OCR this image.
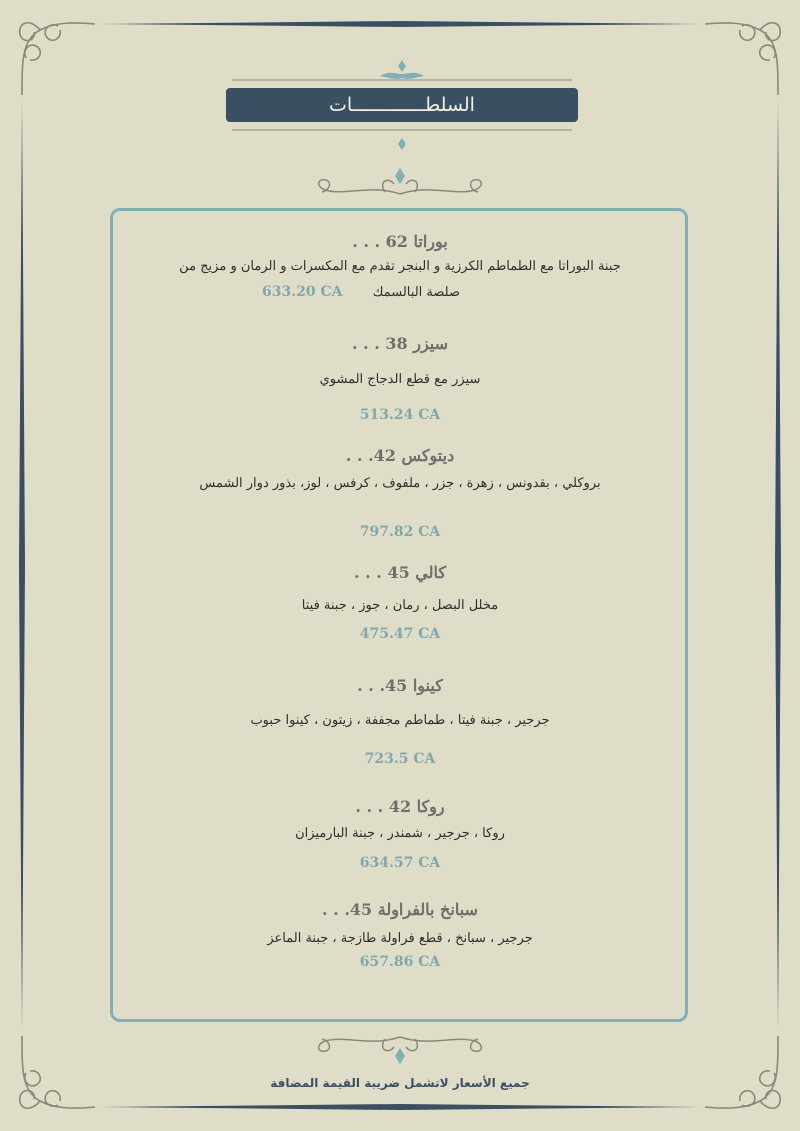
السلطـــــــــــــات
بوراتا 62 . . .
جبنة البوراتا مع الطماطم الكرزية و البنجر تقدم مع المكسرات و الرمان و مزيج من
صلصة البالسمك
633.20 CA
سيزر 38 . . .
سيزر مع قطع الدجاج المشوي
513.24 CA
ديتوكس 42. . .
بروكلي ، بقدونس ، زهرة ، جزر ، ملفوف ، كرفس ، لوز، بذور دوار الشمس
797.82 CA
كالي 45 . . .
مخلل البصل ، رمان ، جوز ، جبنة فيتا
475.47 CA
كينوا 45. . .
جرجير ، جبنة فيتا ، طماطم مجففة ، زيتون ، كينوا حبوب
723.5 CA
روكا 42 . . .
روكا ، جرجير ، شمندر ، جبنة البارميزان
634.57 CA
سبانخ بالفراولة 45. . .
جرجير ، سبانخ ، قطع فراولة طازجة ، جبنة الماعز
657.86 CA
جميع الأسعار لاتشمل ضريبة القيمة المضافة
